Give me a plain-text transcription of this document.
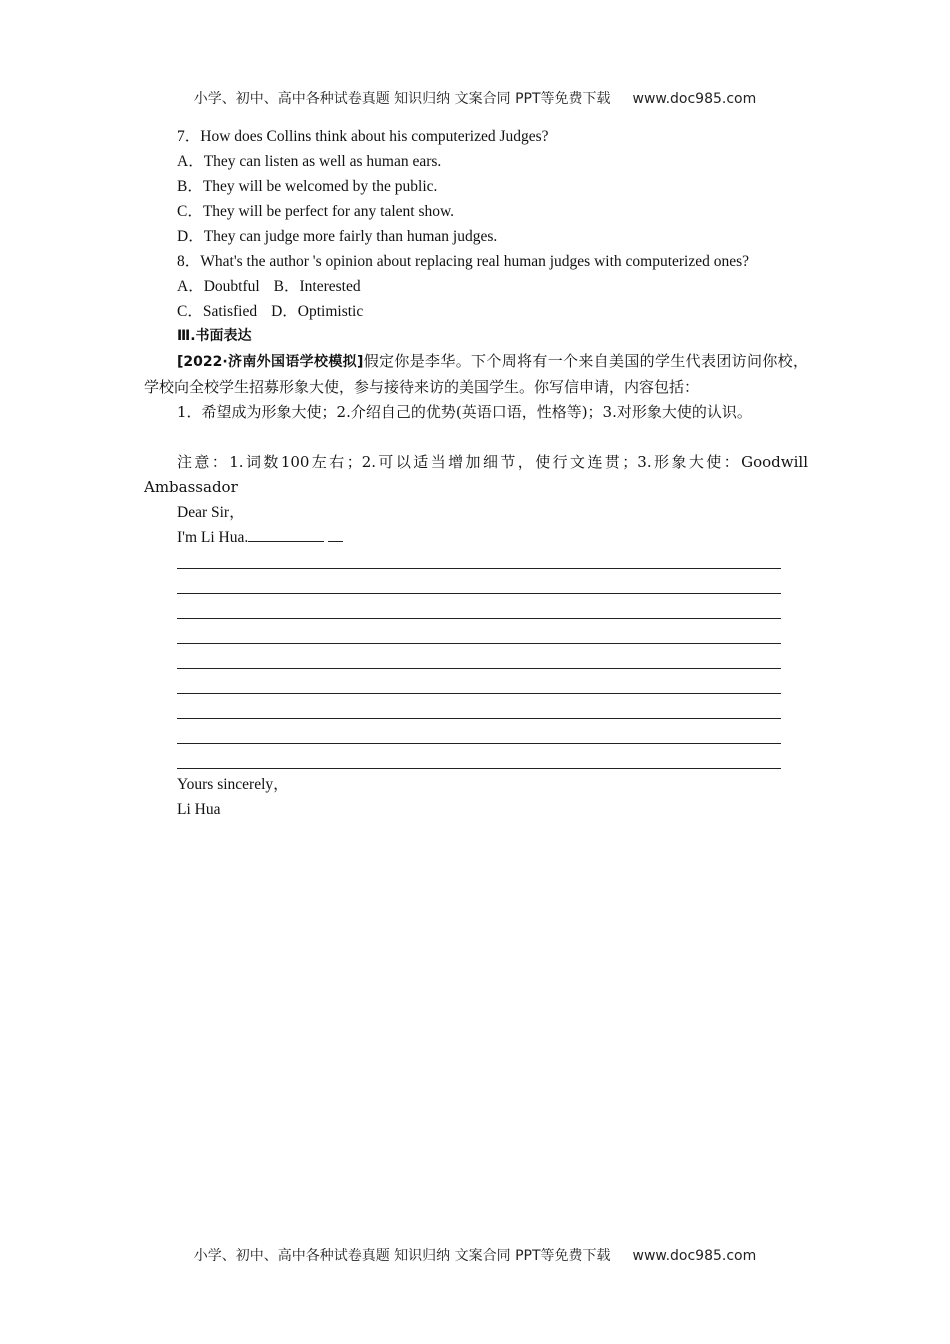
小学、初中、高中各种试卷真题 知识归纳 文案合同 PPT等免费下载 www.doc985.com
7．How does Collins think about his computerized Judges?
A．They can listen as well as human ears.
B．They will be welcomed by the public.
C．They will be perfect for any talent show.
D．They can judge more fairly than human judges.
8．What's the author 's opinion about replacing real human judges with computerized ones?
A．Doubtful B．Interested
C．Satisfied D．Optimistic
Ⅲ.书面表达
[2022·济南外国语学校模拟]假定你是李华。下个周将有一个来自美国的学生代表团访问你校，学校向全校学生招募形象大使，参与接待来访的美国学生。你写信申请，内容包括：
1．希望成为形象大使；2.介绍自己的优势(英语口语，性格等)；3.对形象大使的认识。
注意：1.词数100左右；2.可以适当增加细节，使行文连贯；3.形象大使：Goodwill Ambassador
Dear Sir，
I'm Li Hua.
Yours sincerely，
Li Hua
小学、初中、高中各种试卷真题 知识归纳 文案合同 PPT等免费下载 www.doc985.com
